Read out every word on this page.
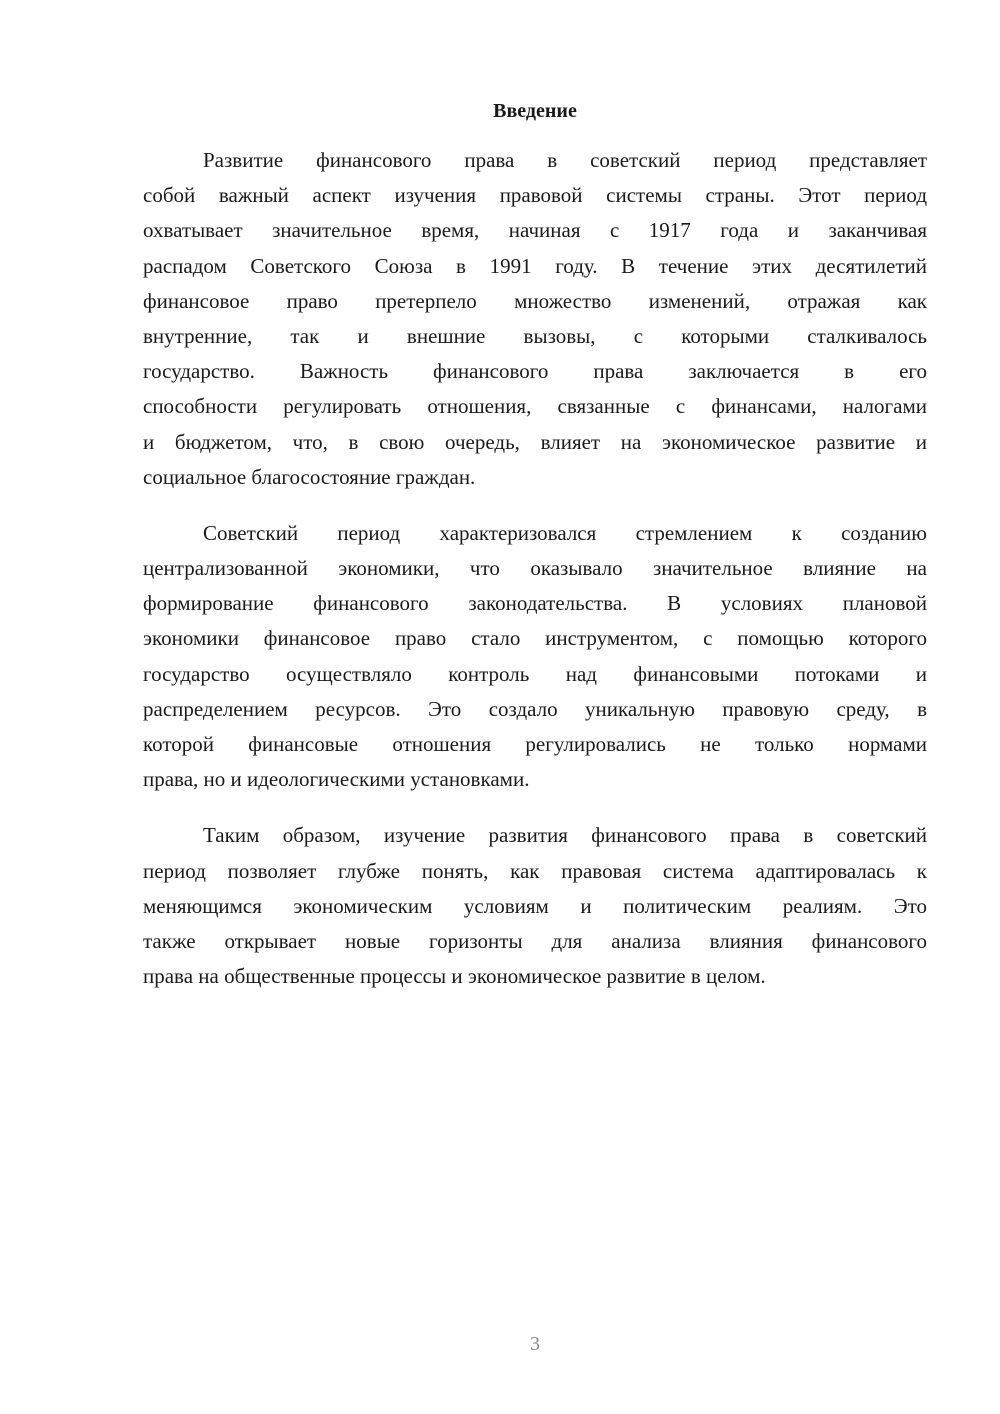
Введение
Развитие финансового права в советский период представляет
собой важный аспект изучения правовой системы страны. Этот период
охватывает значительное время, начиная с 1917 года и заканчивая
распадом Советского Союза в 1991 году. В течение этих десятилетий
финансовое право претерпело множество изменений, отражая как
внутренние, так и внешние вызовы, с которыми сталкивалось
государство. Важность финансового права заключается в его
способности регулировать отношения, связанные с финансами, налогами
и бюджетом, что, в свою очередь, влияет на экономическое развитие и
социальное благосостояние граждан.
Советский период характеризовался стремлением к созданию
централизованной экономики, что оказывало значительное влияние на
формирование финансового законодательства. В условиях плановой
экономики финансовое право стало инструментом, с помощью которого
государство осуществляло контроль над финансовыми потоками и
распределением ресурсов. Это создало уникальную правовую среду, в
которой финансовые отношения регулировались не только нормами
права, но и идеологическими установками.
Таким образом, изучение развития финансового права в советский
период позволяет глубже понять, как правовая система адаптировалась к
меняющимся экономическим условиям и политическим реалиям. Это
также открывает новые горизонты для анализа влияния финансового
права на общественные процессы и экономическое развитие в целом.
3
